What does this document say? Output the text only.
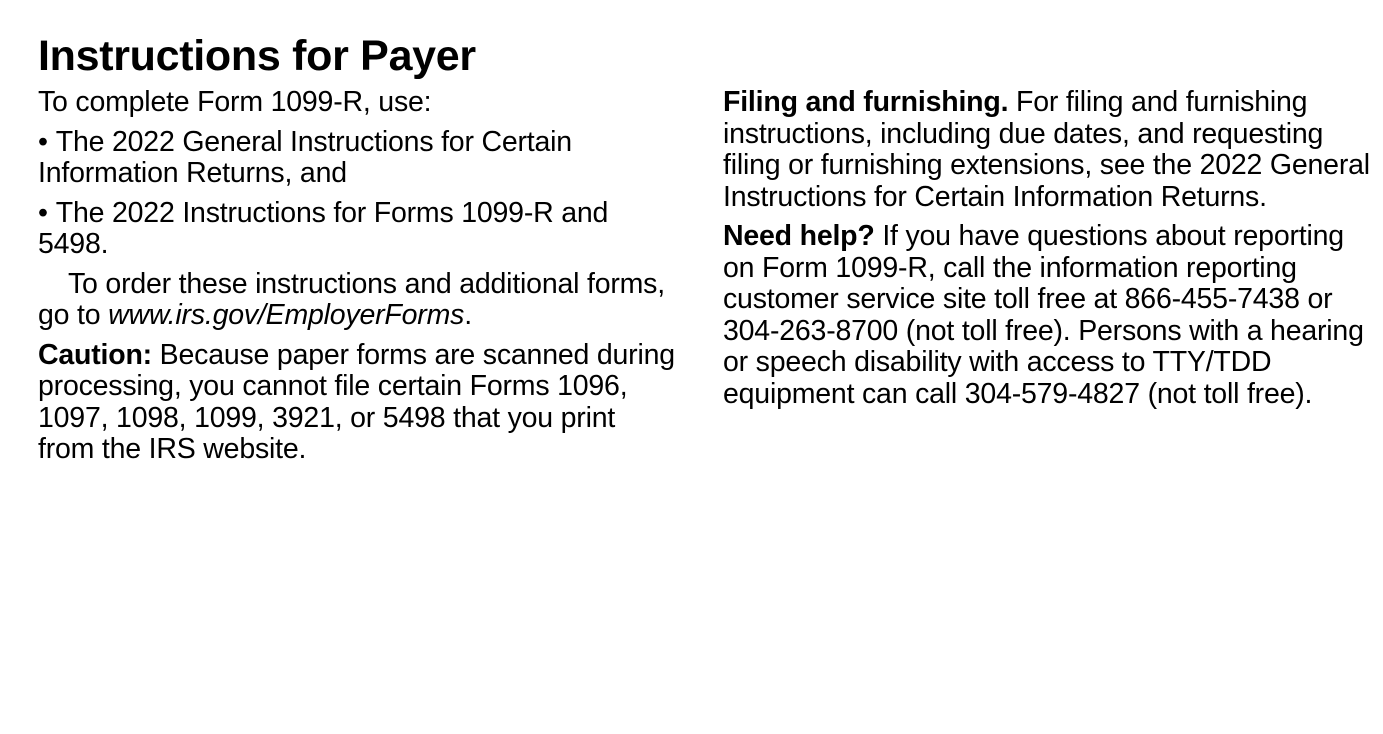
Instructions for Payer

To complete Form 1099-R, use:

• The 2022 General Instructions for Certain Information Returns, and

• The 2022 Instructions for Forms 1099-R and 5498.

To order these instructions and additional forms, go to www.irs.gov/EmployerForms.

Caution: Because paper forms are scanned during processing, you cannot file certain Forms 1096, 1097, 1098, 1099, 3921, or 5498 that you print from the IRS website.

Filing and furnishing. For filing and furnishing instructions, including due dates, and requesting filing or furnishing extensions, see the 2022 General Instructions for Certain Information Returns.

Need help? If you have questions about reporting on Form 1099-R, call the information reporting customer service site toll free at 866-455-7438 or 304-263-8700 (not toll free). Persons with a hearing or speech disability with access to TTY/TDD equipment can call 304-579-4827 (not toll free).
